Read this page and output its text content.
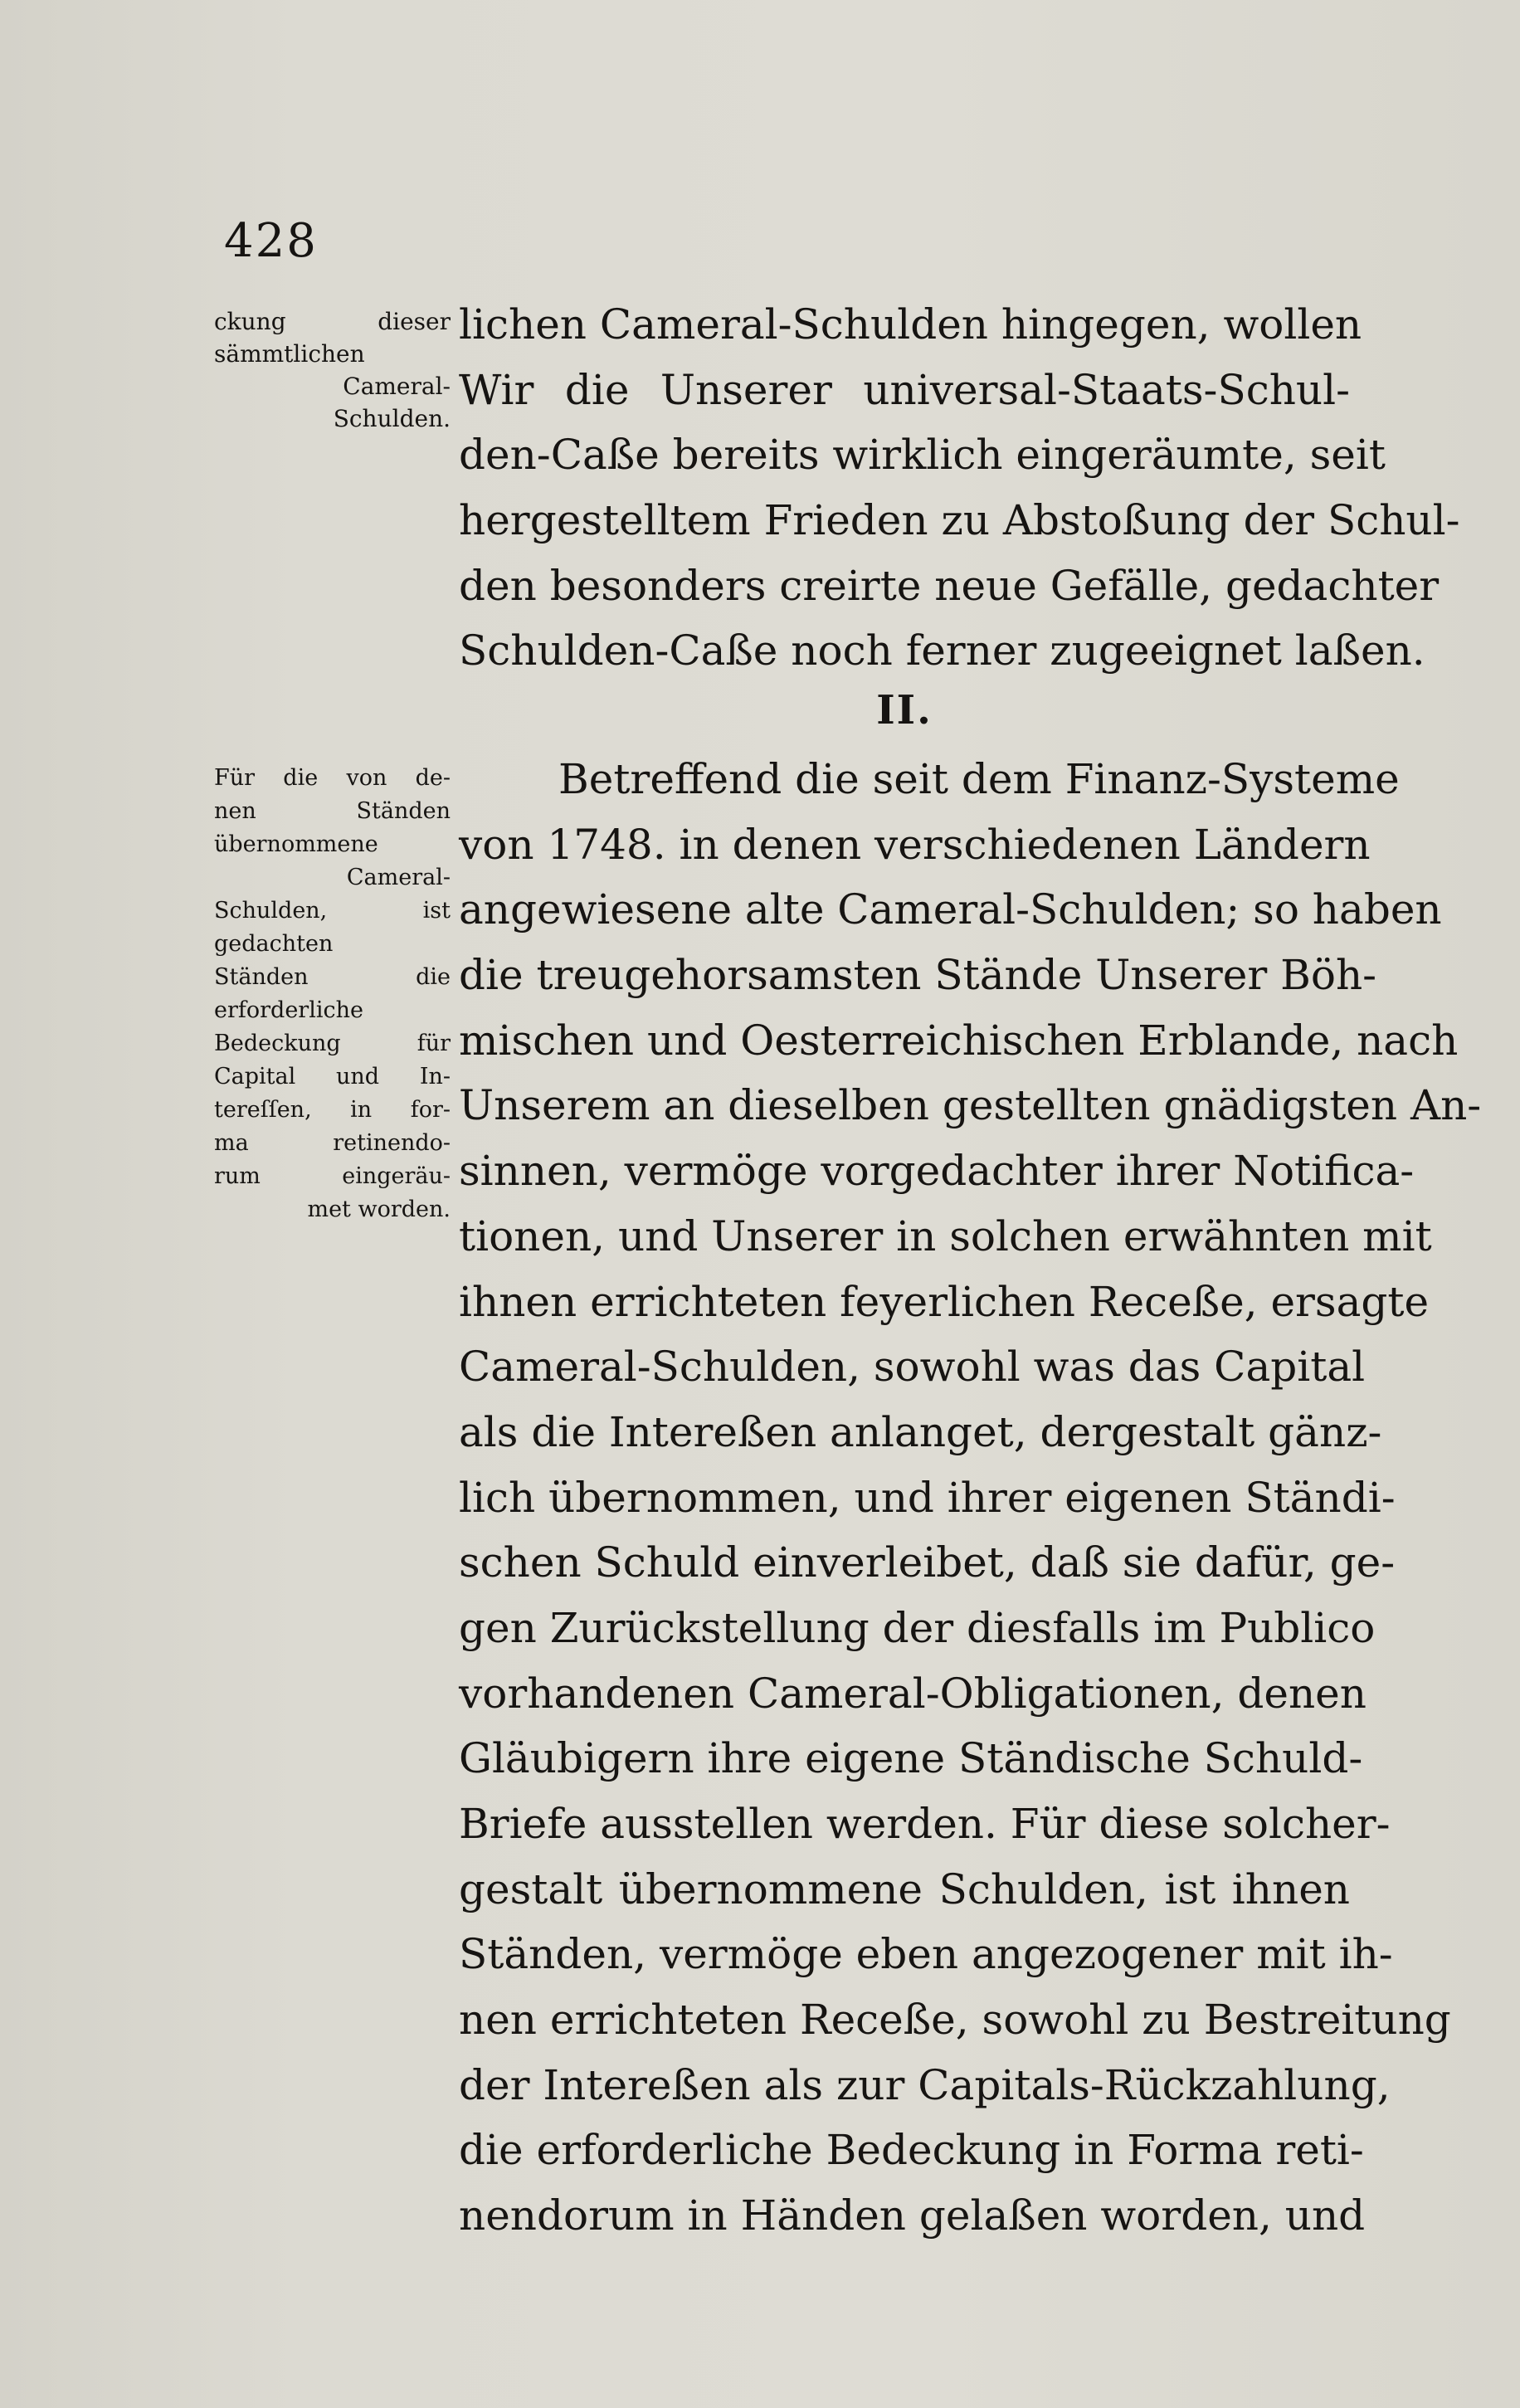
428
ckung dieser
sämmtlichen
Cameral-
Schulden.
lichen Cameral-Schulden hingegen, wollen
Wir die Unserer universal-Staats-Schul-
den-Caße bereits wirklich eingeräumte, seit
hergestelltem Frieden zu Abstoßung der Schul-
den besonders creirte neue Gefälle, gedachter
Schulden-Caße noch ferner zugeeignet laßen.
II.
Für die von de-
nen Ständen
übernommene
Cameral-
Schulden, ist
gedachten
Ständen die
erforderliche
Bedeckung für
Capital und In-
tereſſen, in for-
ma retinendo-
rum eingeräu-
met worden.
Betreffend die seit dem Finanz-Systeme
von 1748. in denen verschiedenen Ländern
angewiesene alte Cameral-Schulden; so haben
die treugehorsamsten Stände Unserer Böh-
mischen und Oesterreichischen Erblande, nach
Unserem an dieselben gestellten gnädigsten An-
sinnen, vermöge vorgedachter ihrer Notifica-
tionen, und Unserer in solchen erwähnten mit
ihnen errichteten feyerlichen Receße, ersagte
Cameral-Schulden, sowohl was das Capital
als die Intereßen anlanget, dergestalt gänz-
lich übernommen, und ihrer eigenen Ständi-
schen Schuld einverleibet, daß sie dafür, ge-
gen Zurückstellung der diesfalls im Publico
vorhandenen Cameral-Obligationen, denen
Gläubigern ihre eigene Ständische Schuld-
Briefe ausstellen werden. Für diese solcher-
gestalt übernommene Schulden, ist ihnen
Ständen, vermöge eben angezogener mit ih-
nen errichteten Receße, sowohl zu Bestreitung
der Intereßen als zur Capitals-Rückzahlung,
die erforderliche Bedeckung in Forma reti-
nendorum in Händen gelaßen worden, und
